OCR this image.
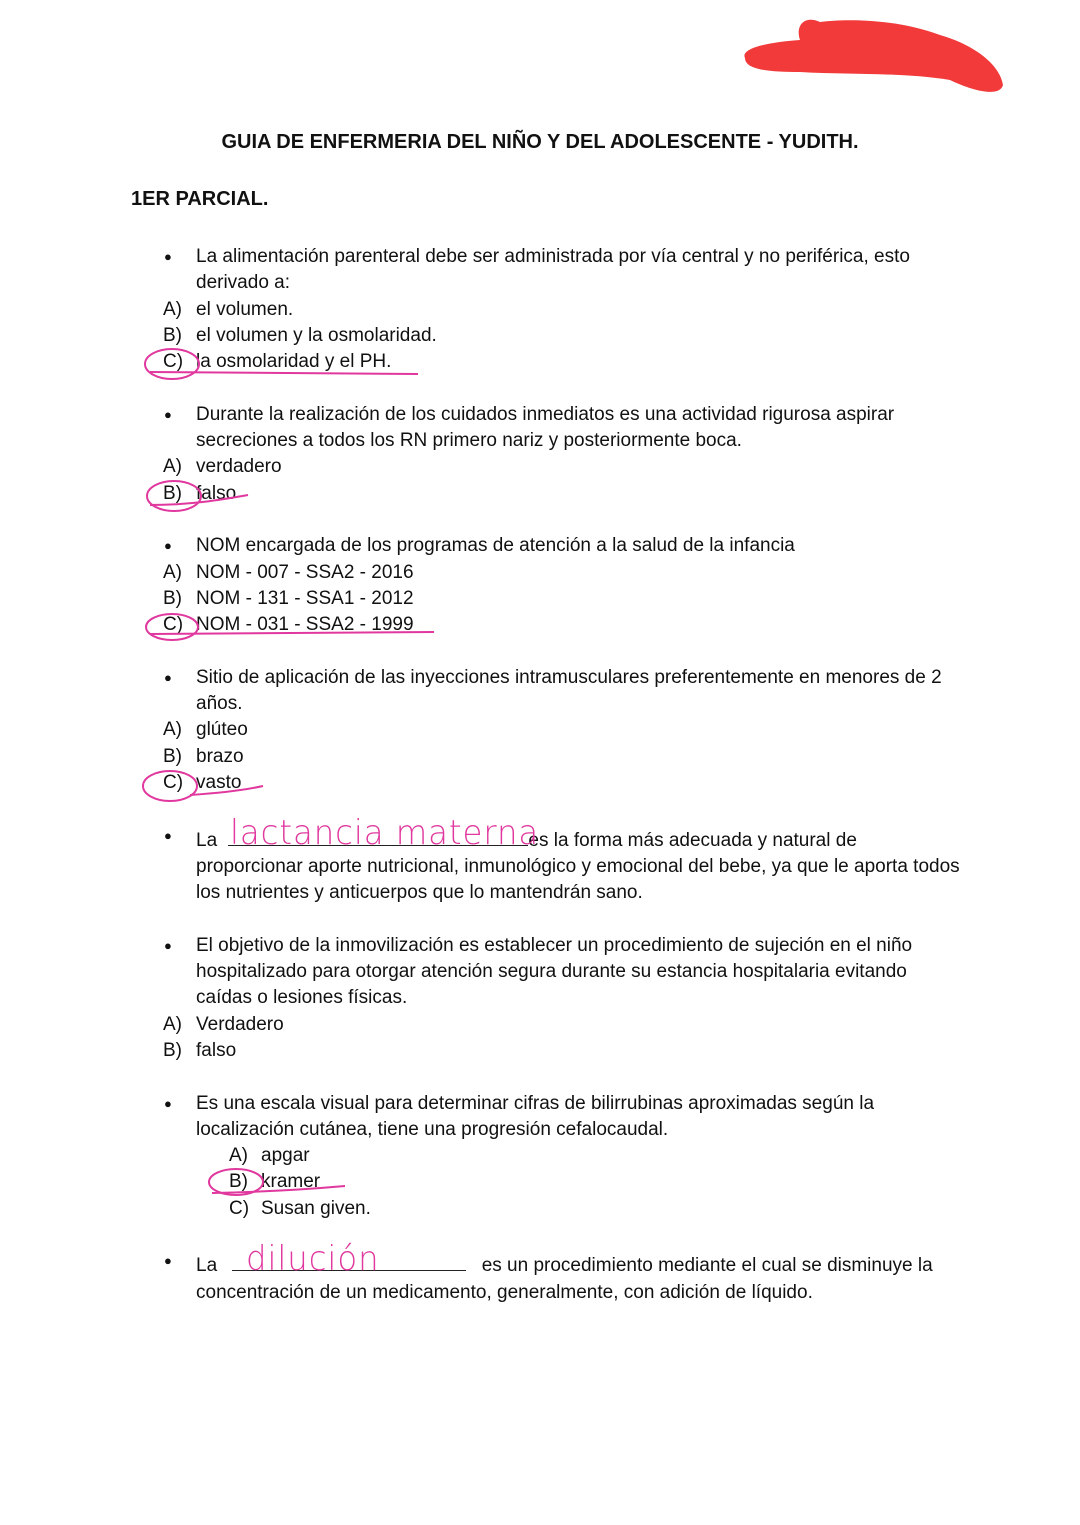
GUIA DE ENFERMERIA DEL NIÑO Y DEL ADOLESCENTE - YUDITH.
1ER PARCIAL.
● La alimentación parenteral debe ser administrada por vía central y no periférica, esto derivado a:
A) el volumen.
B) el volumen y la osmolaridad.
C) la osmolaridad y el PH.
● Durante la realización de los cuidados inmediatos es una actividad rigurosa aspirar secreciones a todos los RN primero nariz y posteriormente boca.
A) verdadero
B) falso
● NOM encargada de los programas de atención a la salud de la infancia
A) NOM - 007 - SSA2 - 2016
B) NOM - 131 - SSA1 - 2012
C) NOM - 031 - SSA2 - 1999
● Sitio de aplicación de las inyecciones intramusculares preferentemente en menores de 2 años.
A) glúteo
B) brazo
C) vasto
● La lactancia materna
es la forma más adecuada y natural de proporcionar aporte nutricional, inmunológico y emocional del bebe, ya que le aporta todos los nutrientes y anticuerpos que lo mantendrán sano.
● El objetivo de la inmovilización es establecer un procedimiento de sujeción en el niño hospitalizado para otorgar atención segura durante su estancia hospitalaria evitando caídas o lesiones físicas.
A) Verdadero
B) falso
● Es una escala visual para determinar cifras de bilirrubinas aproximadas según la localización cutánea, tiene una progresión cefalocaudal.
A) apgar
B) kramer
C) Susan given.
● La dilución	es un procedimiento mediante el cual se disminuye la concentración de un medicamento, generalmente, con adición de líquido.
